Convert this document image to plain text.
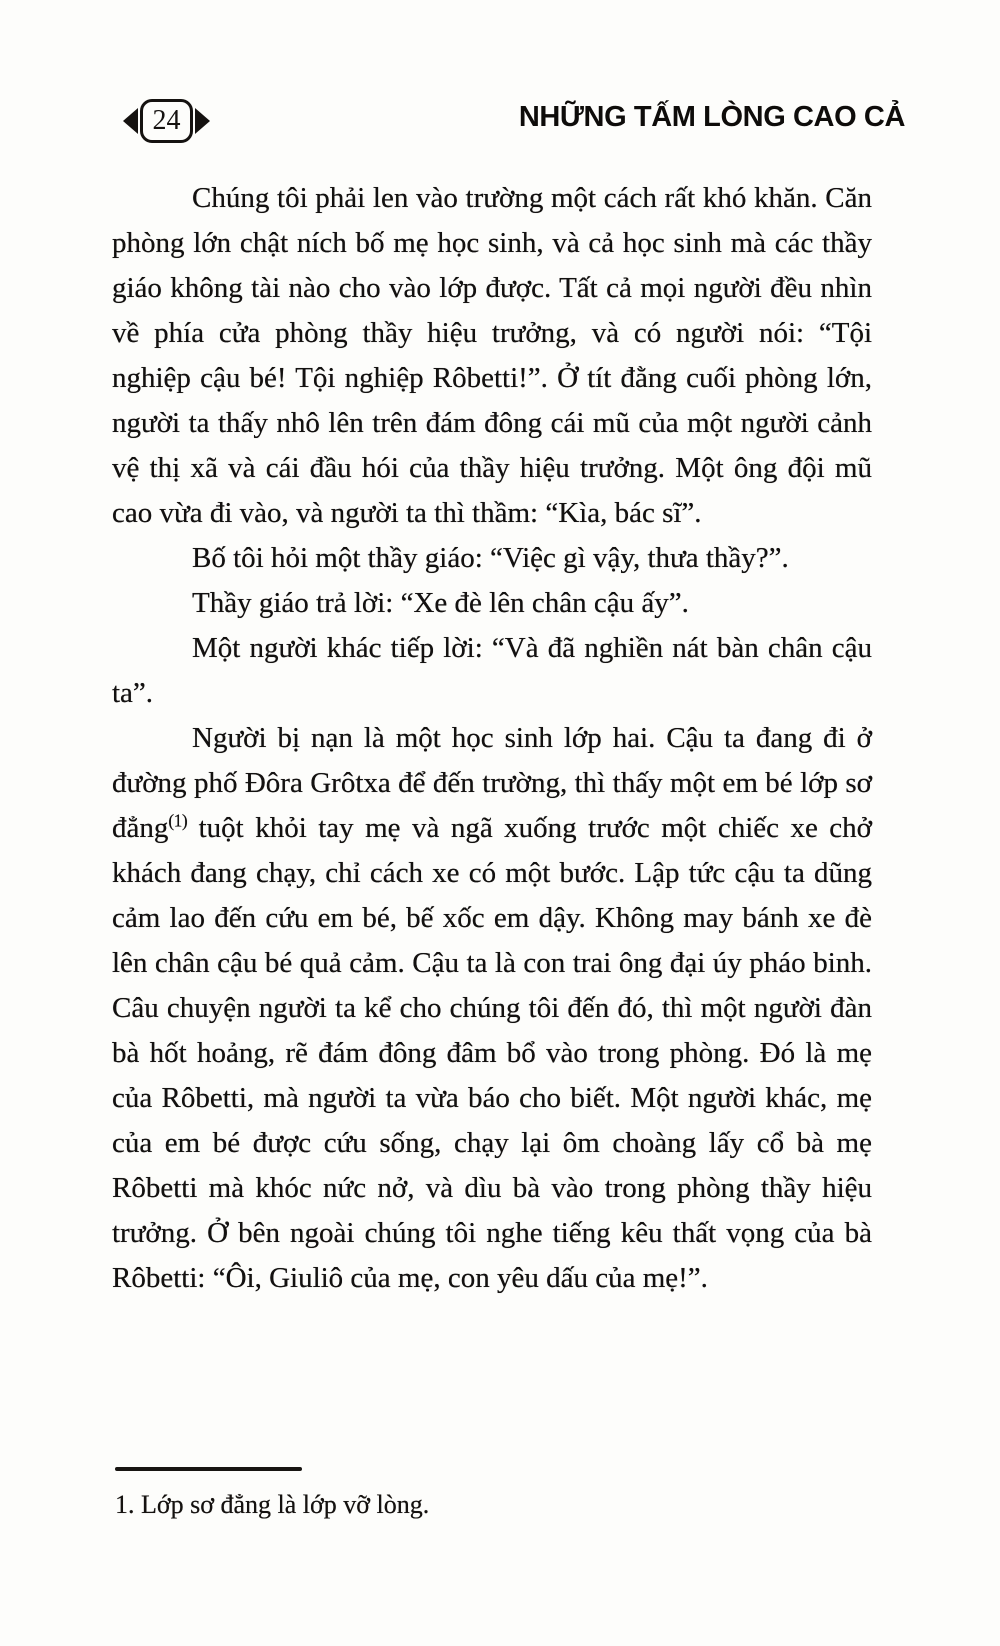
24	NHỮNG TẤM LÒNG CAO CẢ

Chúng tôi phải len vào trường một cách rất khó khăn. Căn phòng lớn chật ních bố mẹ học sinh, và cả học sinh mà các thầy giáo không tài nào cho vào lớp được. Tất cả mọi người đều nhìn về phía cửa phòng thầy hiệu trưởng, và có người nói: “Tội nghiệp cậu bé! Tội nghiệp Rôbetti!”. Ở tít đằng cuối phòng lớn, người ta thấy nhô lên trên đám đông cái mũ của một người cảnh vệ thị xã và cái đầu hói của thầy hiệu trưởng. Một ông đội mũ cao vừa đi vào, và người ta thì thầm: “Kìa, bác sĩ”.

Bố tôi hỏi một thầy giáo: “Việc gì vậy, thưa thầy?”.

Thầy giáo trả lời: “Xe đè lên chân cậu ấy”.

Một người khác tiếp lời: “Và đã nghiền nát bàn chân cậu ta”.

Người bị nạn là một học sinh lớp hai. Cậu ta đang đi ở đường phố Đôra Grôtxa để đến trường, thì thấy một em bé lớp sơ đẳng$^{(1)}$ tuột khỏi tay mẹ và ngã xuống trước một chiếc xe chở khách đang chạy, chỉ cách xe có một bước. Lập tức cậu ta dũng cảm lao đến cứu em bé, bế xốc em dậy. Không may bánh xe đè lên chân cậu bé quả cảm. Cậu ta là con trai ông đại úy pháo binh. Câu chuyện người ta kể cho chúng tôi đến đó, thì một người đàn bà hốt hoảng, rẽ đám đông đâm bổ vào trong phòng. Đó là mẹ của Rôbetti, mà người ta vừa báo cho biết. Một người khác, mẹ của em bé được cứu sống, chạy lại ôm choàng lấy cổ bà mẹ Rôbetti mà khóc nức nở, và dìu bà vào trong phòng thầy hiệu trưởng. Ở bên ngoài chúng tôi nghe tiếng kêu thất vọng của bà Rôbetti: “Ôi, Giuliô của mẹ, con yêu dấu của mẹ!”.

1. Lớp sơ đẳng là lớp vỡ lòng.
